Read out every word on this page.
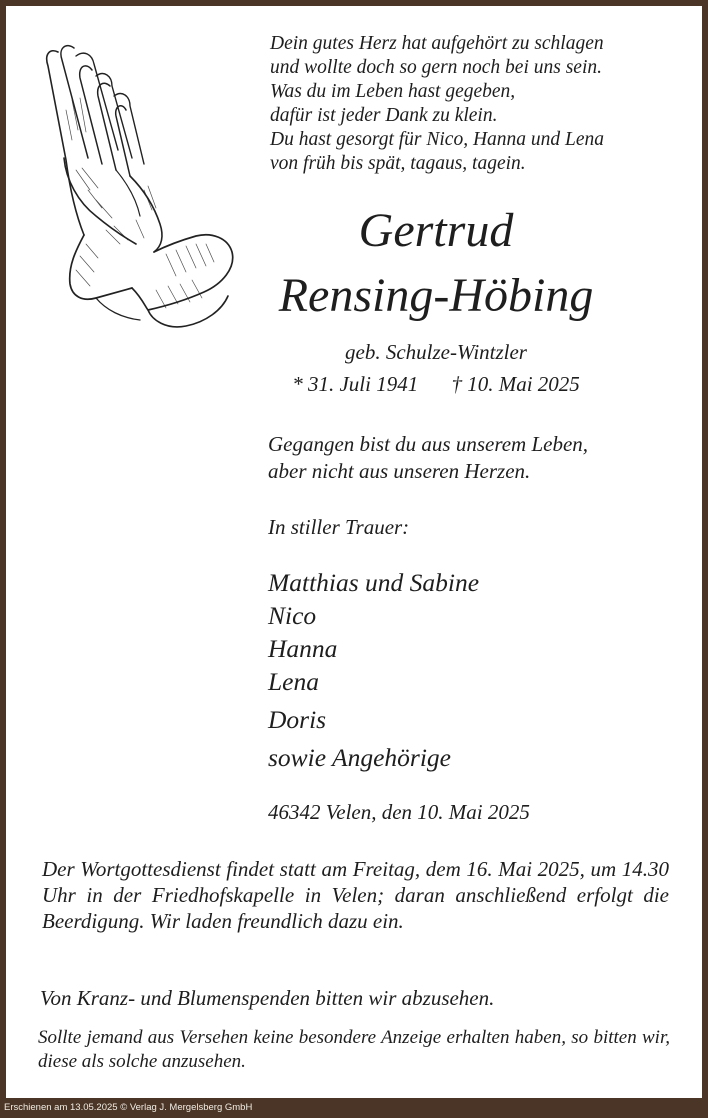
Dein gutes Herz hat aufgehört zu schlagen
und wollte doch so gern noch bei uns sein.
Was du im Leben hast gegeben,
dafür ist jeder Dank zu klein.
Du hast gesorgt für Nico, Hanna und Lena
von früh bis spät, tagaus, tagein.
Gertrud
Rensing-Höbing
geb. Schulze-Wintzler
* 31. Juli 1941 † 10. Mai 2025
Gegangen bist du aus unserem Leben,
aber nicht aus unseren Herzen.
In stiller Trauer:
Matthias und Sabine
Nico
Hanna
Lena
Doris
sowie Angehörige
46342 Velen, den 10. Mai 2025
Der Wortgottesdienst findet statt am Freitag, dem 16. Mai 2025, um 14.30 Uhr in der Friedhofskapelle in Velen; daran anschließend erfolgt die Beerdigung. Wir laden freundlich dazu ein.
Von Kranz- und Blumenspenden bitten wir abzusehen.
Sollte jemand aus Versehen keine besondere Anzeige erhalten haben, so bitten wir, diese als solche anzusehen.
Erschienen am 13.05.2025 © Verlag J. Mergelsberg GmbH
